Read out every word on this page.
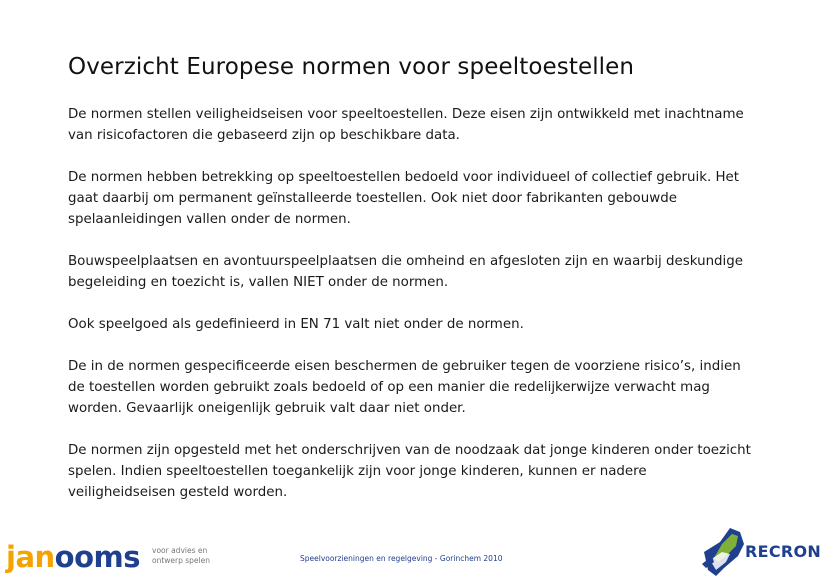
Overzicht Europese normen voor speeltoestellen

De normen stellen veiligheidseisen voor speeltoestellen. Deze eisen zijn ontwikkeld met inachtname van risicofactoren die gebaseerd zijn op beschikbare data.

De normen hebben betrekking op speeltoestellen bedoeld voor individueel of collectief gebruik. Het gaat daarbij om permanent geïnstalleerde toestellen. Ook niet door fabrikanten gebouwde spelaanleidingen vallen onder de normen.

Bouwspeelplaatsen en avontuurspeelplaatsen die omheind en afgesloten zijn en waarbij deskundige begeleiding en toezicht is, vallen NIET onder de normen.

Ook speelgoed als gedefinieerd in EN 71 valt niet onder de normen.

De in de normen gespecificeerde eisen beschermen de gebruiker tegen de voorziene risico’s, indien de toestellen worden gebruikt zoals bedoeld of op een manier die redelijkerwijze verwacht mag worden. Gevaarlijk oneigenlijk gebruik valt daar niet onder.

De normen zijn opgesteld met het onderschrijven van de noodzaak dat jonge kinderen onder toezicht spelen. Indien speeltoestellen toegankelijk zijn voor jonge kinderen, kunnen er nadere veiligheidseisen gesteld worden.

janooms voor advies en
ontwerp spelen	Speelvoorzieningen en regelgeving - Gorinchem 2010	RECRON
